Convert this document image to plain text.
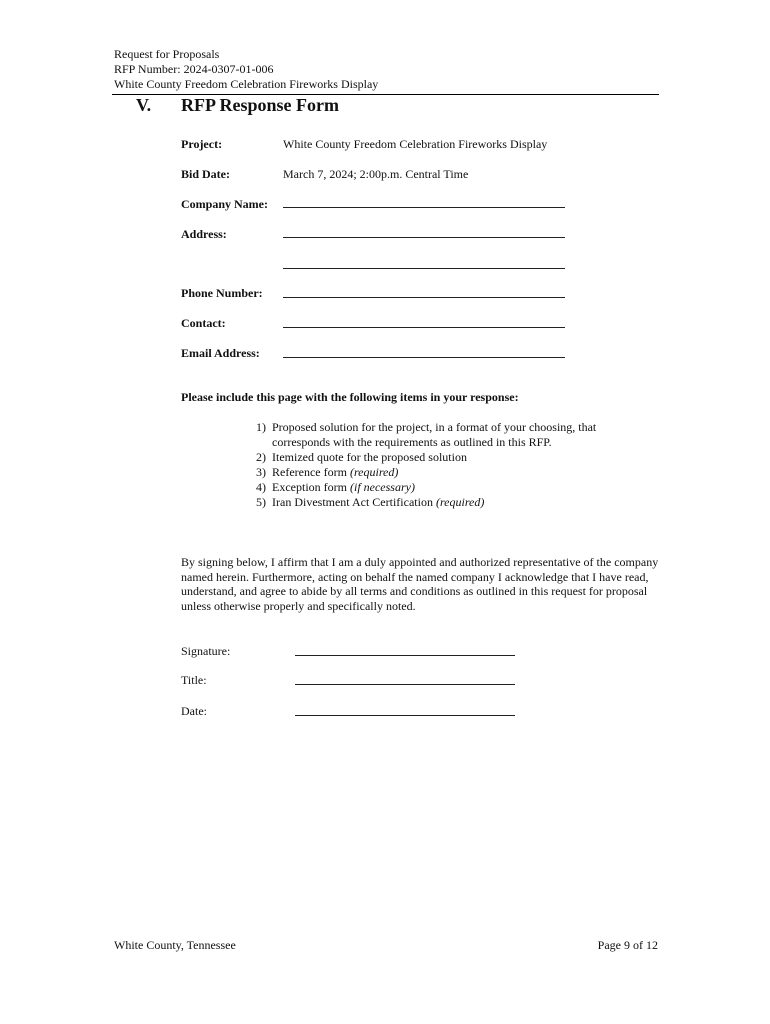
Request for Proposals
RFP Number: 2024-0307-01-006
White County Freedom Celebration Fireworks Display
V. RFP Response Form
Project:	White County Freedom Celebration Fireworks Display
Bid Date:	March 7, 2024; 2:00p.m. Central Time
Company Name:
Address:
Phone Number:
Contact:
Email Address:
Please include this page with the following items in your response:
1) Proposed solution for the project, in a format of your choosing, that
corresponds with the requirements as outlined in this RFP.
2) Itemized quote for the proposed solution
3) Reference form (required)
4) Exception form (if necessary)
5) Iran Divestment Act Certification (required)
By signing below, I affirm that I am a duly appointed and authorized representative of the company named herein. Furthermore, acting on behalf the named company I acknowledge that I have read, understand, and agree to abide by all terms and conditions as outlined in this request for proposal unless otherwise properly and specifically noted.
Signature:
Title:
Date:
White County, Tennessee	Page 9 of 12
